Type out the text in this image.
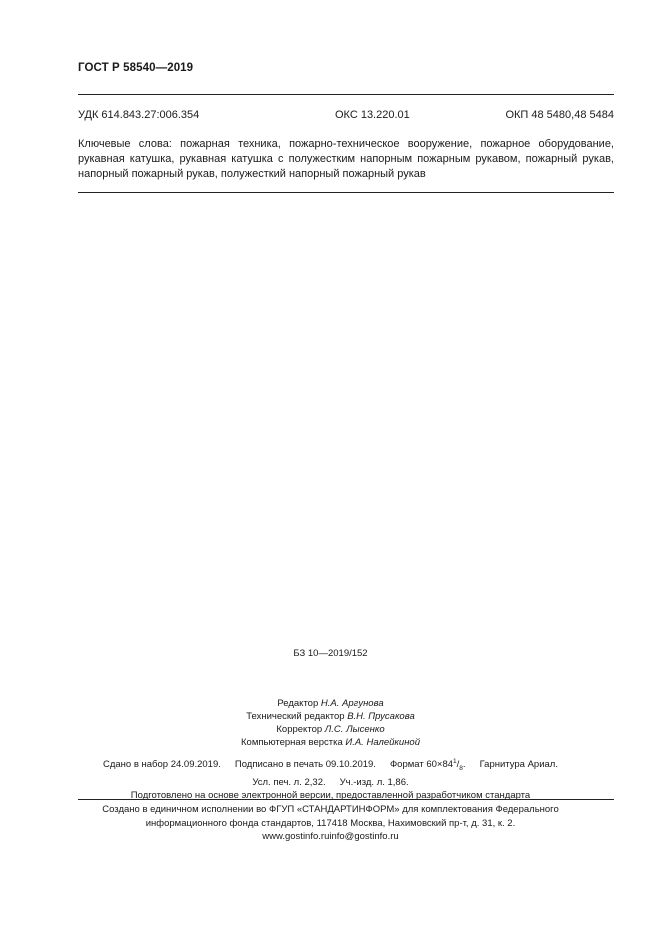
ГОСТ Р 58540—2019
УДК 614.843.27:006.354	ОКС 13.220.01	ОКП 48 5480,48 5484
Ключевые слова: пожарная техника, пожарно-техническое вооружение, пожарное оборудование,
рукавная катушка, рукавная катушка с полужестким напорным пожарным рукавом, пожарный рукав,
напорный пожарный рукав, полужесткий напорный пожарный рукав
БЗ 10—2019/152
Редактор Н.А. Аргунова
Технический редактор В.Н. Прусакова
Корректор Л.С. Лысенко
Компьютерная верстка И.А. Налейкиной
Сдано в набор 24.09.2019. Подписано в печать 09.10.2019. Формат $60\times 84^1/_8$. Гарнитура Ариал.
Усл. печ. л. 2,32. Уч.-изд. л. 1,86.
Подготовлено на основе электронной версии, предоставленной разработчиком стандарта
Создано в единичном исполнении во ФГУП «СТАНДАРТИНФОРМ» для комплектования Федерального
информационного фонда стандартов, 117418 Москва, Нахимовский пр-т, д. 31, к. 2.
www.gostinfo.ruinfo@gostinfo.ru
